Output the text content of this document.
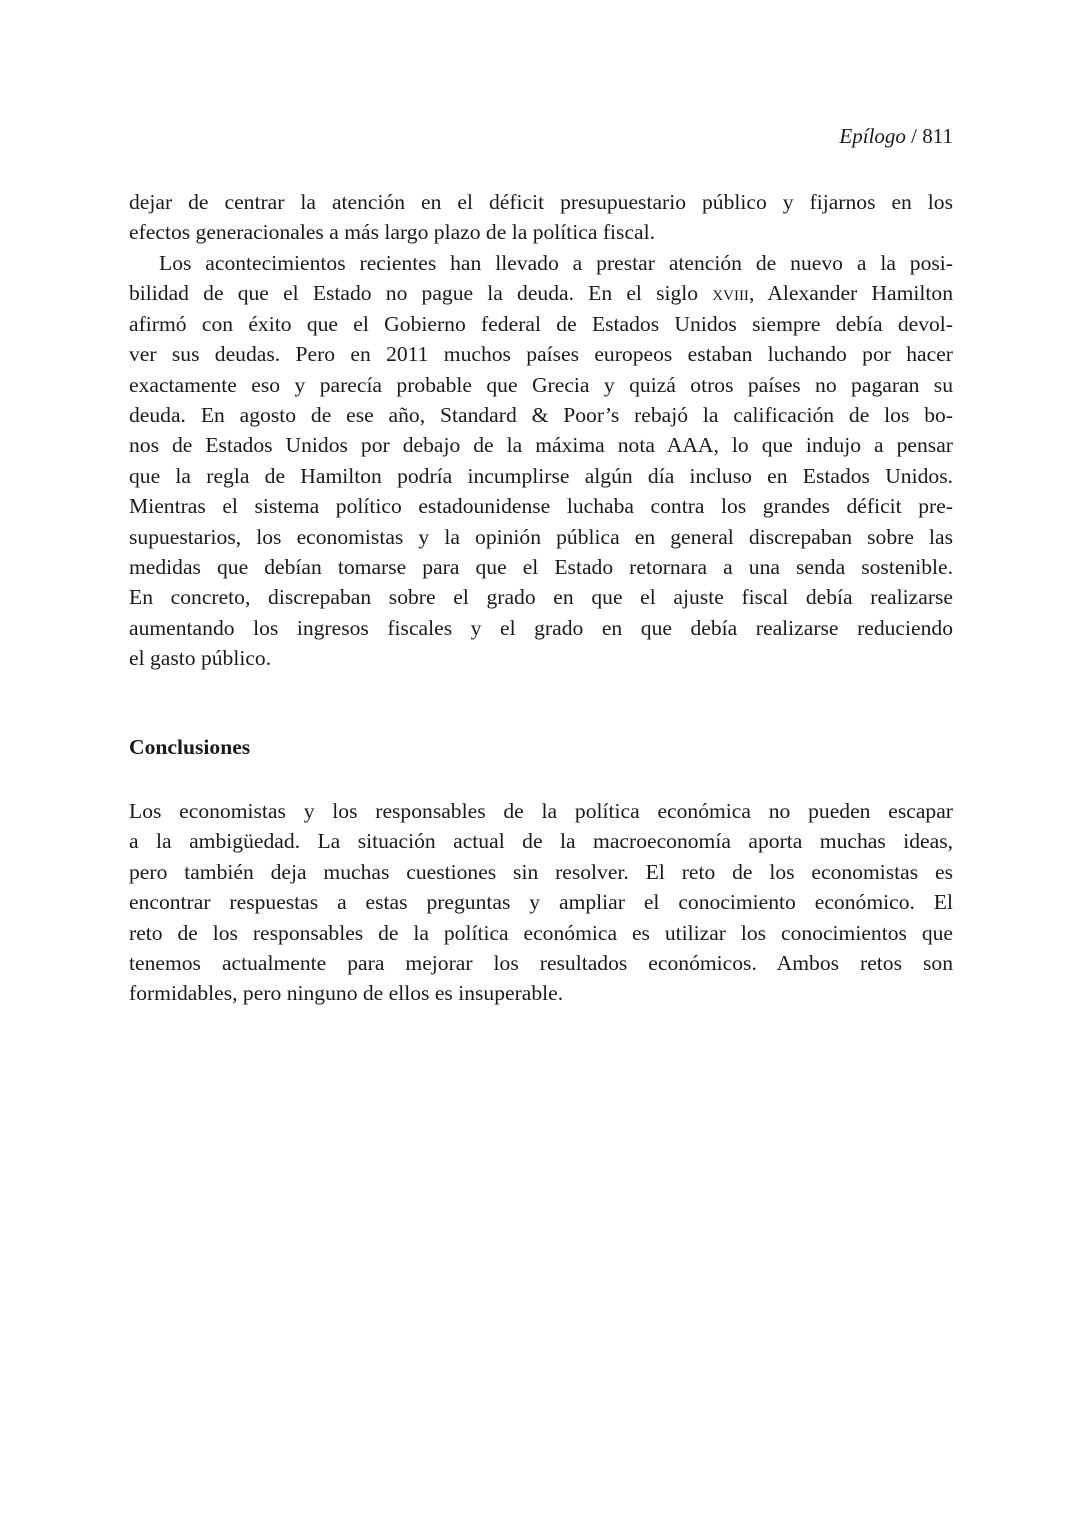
Epílogo / 811
dejar de centrar la atención en el déficit presupuestario público y fijarnos en los
efectos generacionales a más largo plazo de la política fiscal.
Los acontecimientos recientes han llevado a prestar atención de nuevo a la posi-
bilidad de que el Estado no pague la deuda. En el siglo xviii, Alexander Hamilton
afirmó con éxito que el Gobierno federal de Estados Unidos siempre debía devol-
ver sus deudas. Pero en 2011 muchos países europeos estaban luchando por hacer
exactamente eso y parecía probable que Grecia y quizá otros países no pagaran su
deuda. En agosto de ese año, Standard & Poor’s rebajó la calificación de los bo-
nos de Estados Unidos por debajo de la máxima nota AAA, lo que indujo a pensar
que la regla de Hamilton podría incumplirse algún día incluso en Estados Unidos.
Mientras el sistema político estadounidense luchaba contra los grandes déficit pre-
supuestarios, los economistas y la opinión pública en general discrepaban sobre las
medidas que debían tomarse para que el Estado retornara a una senda sostenible.
En concreto, discrepaban sobre el grado en que el ajuste fiscal debía realizarse
aumentando los ingresos fiscales y el grado en que debía realizarse reduciendo
el gasto público.
Conclusiones
Los economistas y los responsables de la política económica no pueden escapar
a la ambigüedad. La situación actual de la macroeconomía aporta muchas ideas,
pero también deja muchas cuestiones sin resolver. El reto de los economistas es
encontrar respuestas a estas preguntas y ampliar el conocimiento económico. El
reto de los responsables de la política económica es utilizar los conocimientos que
tenemos actualmente para mejorar los resultados económicos. Ambos retos son
formidables, pero ninguno de ellos es insuperable.
